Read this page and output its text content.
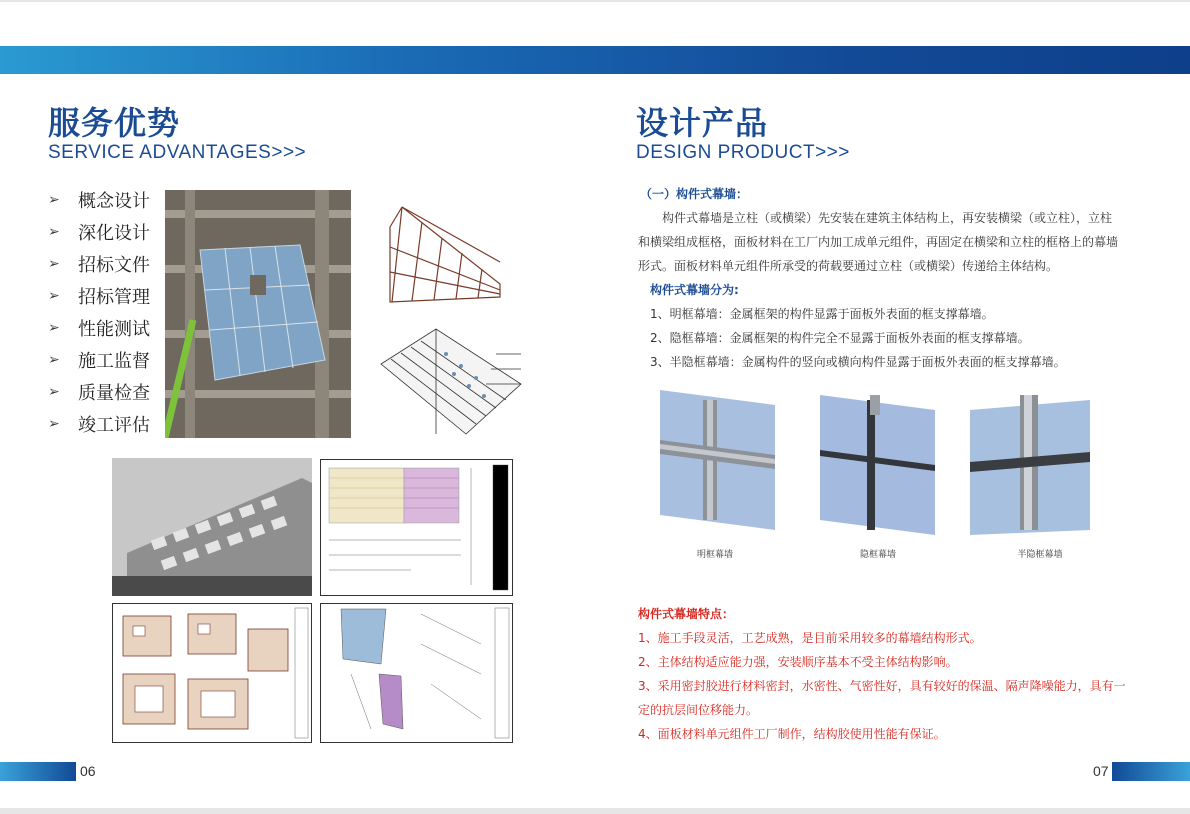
服务优势
SERVICE ADVANTAGES>>>
➢	概念设计
➢	深化设计
➢	招标文件
➢	招标管理
➢	性能测试
➢	施工监督
➢	质量检查
➢	竣工评估
06
设计产品
DESIGN PRODUCT>>>
（一）构件式幕墙：
构件式幕墙是立柱（或横梁）先安装在建筑主体结构上，再安装横梁（或立柱），立柱
和横梁组成框格，面板材料在工厂内加工成单元组件，再固定在横梁和立柱的框格上的幕墙
形式。面板材料单元组件所承受的荷载要通过立柱（或横梁）传递给主体结构。
构件式幕墙分为:
1、明框幕墙：金属框架的构件显露于面板外表面的框支撑幕墙。
2、隐框幕墙：金属框架的构件完全不显露于面板外表面的框支撑幕墙。
3、半隐框幕墙：金属构件的竖向或横向构件显露于面板外表面的框支撑幕墙。
明框幕墙	隐框幕墙	半隐框幕墙
构件式幕墙特点：
1、施工手段灵活，工艺成熟，是目前采用较多的幕墙结构形式。
2、主体结构适应能力强，安装顺序基本不受主体结构影响。
3、采用密封胶进行材料密封，水密性、气密性好，具有较好的保温、隔声降噪能力，具有一
定的抗层间位移能力。
4、面板材料单元组件工厂制作，结构胶使用性能有保证。
07
